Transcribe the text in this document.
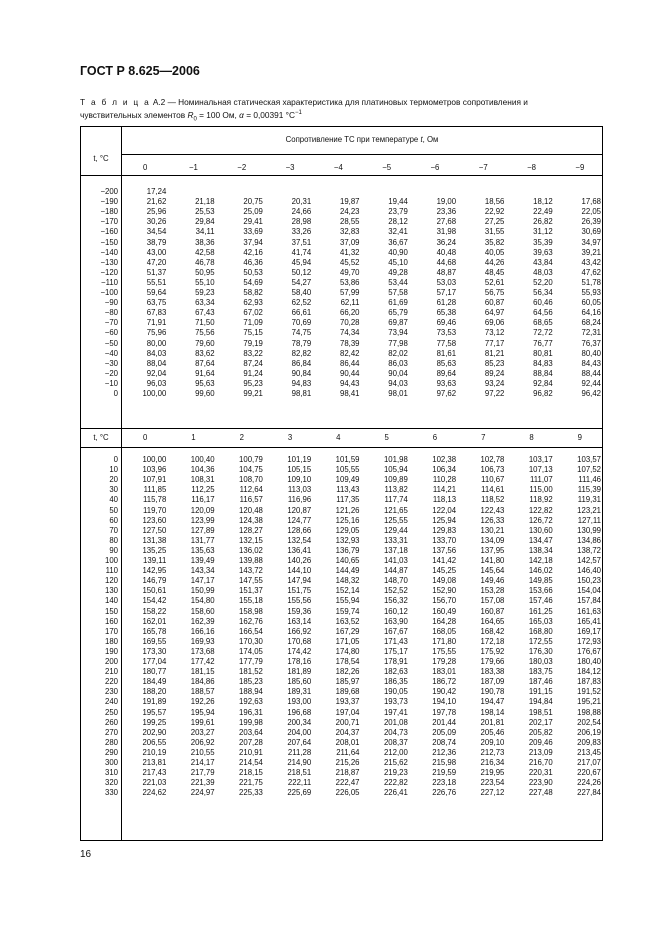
ГОСТ Р 8.625—2006
Т а б л и ц а А.2 — Номинальная статическая характеристика для платиновых термометров сопротивления и
чувствительных элементов $R_0 = 100$ Ом, α = 0,00391 $^\circ С^{-1}$
Сопротивление ТС при температуре t, Ом
t, °C
t, °C
0	−1	−2	−3	−4	−5	−6	−7	−8	−9
0	1	2	3	4	5	6	7	8	9
−200	17,24
−190	21,62	21,18	20,75	20,31	19,87	19,44	19,00	18,56	18,12	17,68
−180	25,96	25,53	25,09	24,66	24,23	23,79	23,36	22,92	22,49	22,05
−170	30,26	29,84	29,41	28,98	28,55	28,12	27,68	27,25	26,82	26,39
−160	34,54	34,11	33,69	33,26	32,83	32,41	31,98	31,55	31,12	30,69
−150	38,79	38,36	37,94	37,51	37,09	36,67	36,24	35,82	35,39	34,97
−140	43,00	42,58	42,16	41,74	41,32	40,90	40,48	40,05	39,63	39,21
−130	47,20	46,78	46,36	45,94	45,52	45,10	44,68	44,26	43,84	43,42
−120	51,37	50,95	50,53	50,12	49,70	49,28	48,87	48,45	48,03	47,62
−110	55,51	55,10	54,69	54,27	53,86	53,44	53,03	52,61	52,20	51,78
−100	59,64	59,23	58,82	58,40	57,99	57,58	57,17	56,75	56,34	55,93
−90	63,75	63,34	62,93	62,52	62,11	61,69	61,28	60,87	60,46	60,05
−80	67,83	67,43	67,02	66,61	66,20	65,79	65,38	64,97	64,56	64,16
−70	71,91	71,50	71,09	70,69	70,28	69,87	69,46	69,06	68,65	68,24
−60	75,96	75,56	75,15	74,75	74,34	73,94	73,53	73,12	72,72	72,31
−50	80,00	79,60	79,19	78,79	78,39	77,98	77,58	77,17	76,77	76,37
−40	84,03	83,62	83,22	82,82	82,42	82,02	81,61	81,21	80,81	80,40
−30	88,04	87,64	87,24	86,84	86,44	86,03	85,63	85,23	84,83	84,43
−20	92,04	91,64	91,24	90,84	90,44	90,04	89,64	89,24	88,84	88,44
−10	96,03	95,63	95,23	94,83	94,43	94,03	93,63	93,24	92,84	92,44
0	100,00	99,60	99,21	98,81	98,41	98,01	97,62	97,22	96,82	96,42
0	100,00	100,40	100,79	101,19	101,59	101,98	102,38	102,78	103,17	103,57
10	103,96	104,36	104,75	105,15	105,55	105,94	106,34	106,73	107,13	107,52
20	107,91	108,31	108,70	109,10	109,49	109,89	110,28	110,67	111,07	111,46
30	111,85	112,25	112,64	113,03	113,43	113,82	114,21	114,61	115,00	115,39
40	115,78	116,17	116,57	116,96	117,35	117,74	118,13	118,52	118,92	119,31
50	119,70	120,09	120,48	120,87	121,26	121,65	122,04	122,43	122,82	123,21
60	123,60	123,99	124,38	124,77	125,16	125,55	125,94	126,33	126,72	127,11
70	127,50	127,89	128,27	128,66	129,05	129,44	129,83	130,21	130,60	130,99
80	131,38	131,77	132,15	132,54	132,93	133,31	133,70	134,09	134,47	134,86
90	135,25	135,63	136,02	136,41	136,79	137,18	137,56	137,95	138,34	138,72
100	139,11	139,49	139,88	140,26	140,65	141,03	141,42	141,80	142,18	142,57
110	142,95	143,34	143,72	144,10	144,49	144,87	145,25	145,64	146,02	146,40
120	146,79	147,17	147,55	147,94	148,32	148,70	149,08	149,46	149,85	150,23
130	150,61	150,99	151,37	151,75	152,14	152,52	152,90	153,28	153,66	154,04
140	154,42	154,80	155,18	155,56	155,94	156,32	156,70	157,08	157,46	157,84
150	158,22	158,60	158,98	159,36	159,74	160,12	160,49	160,87	161,25	161,63
160	162,01	162,39	162,76	163,14	163,52	163,90	164,28	164,65	165,03	165,41
170	165,78	166,16	166,54	166,92	167,29	167,67	168,05	168,42	168,80	169,17
180	169,55	169,93	170,30	170,68	171,05	171,43	171,80	172,18	172,55	172,93
190	173,30	173,68	174,05	174,42	174,80	175,17	175,55	175,92	176,30	176,67
200	177,04	177,42	177,79	178,16	178,54	178,91	179,28	179,66	180,03	180,40
210	180,77	181,15	181,52	181,89	182,26	182,63	183,01	183,38	183,75	184,12
220	184,49	184,86	185,23	185,60	185,97	186,35	186,72	187,09	187,46	187,83
230	188,20	188,57	188,94	189,31	189,68	190,05	190,42	190,78	191,15	191,52
240	191,89	192,26	192,63	193,00	193,37	193,73	194,10	194,47	194,84	195,21
250	195,57	195,94	196,31	196,68	197,04	197,41	197,78	198,14	198,51	198,88
260	199,25	199,61	199,98	200,34	200,71	201,08	201,44	201,81	202,17	202,54
270	202,90	203,27	203,64	204,00	204,37	204,73	205,09	205,46	205,82	206,19
280	206,55	206,92	207,28	207,64	208,01	208,37	208,74	209,10	209,46	209,83
290	210,19	210,55	210,91	211,28	211,64	212,00	212,36	212,73	213,09	213,45
300	213,81	214,17	214,54	214,90	215,26	215,62	215,98	216,34	216,70	217,07
310	217,43	217,79	218,15	218,51	218,87	219,23	219,59	219,95	220,31	220,67
320	221,03	221,39	221,75	222,11	222,47	222,82	223,18	223,54	223,90	224,26
330	224,62	224,97	225,33	225,69	226,05	226,41	226,76	227,12	227,48	227,84
16
